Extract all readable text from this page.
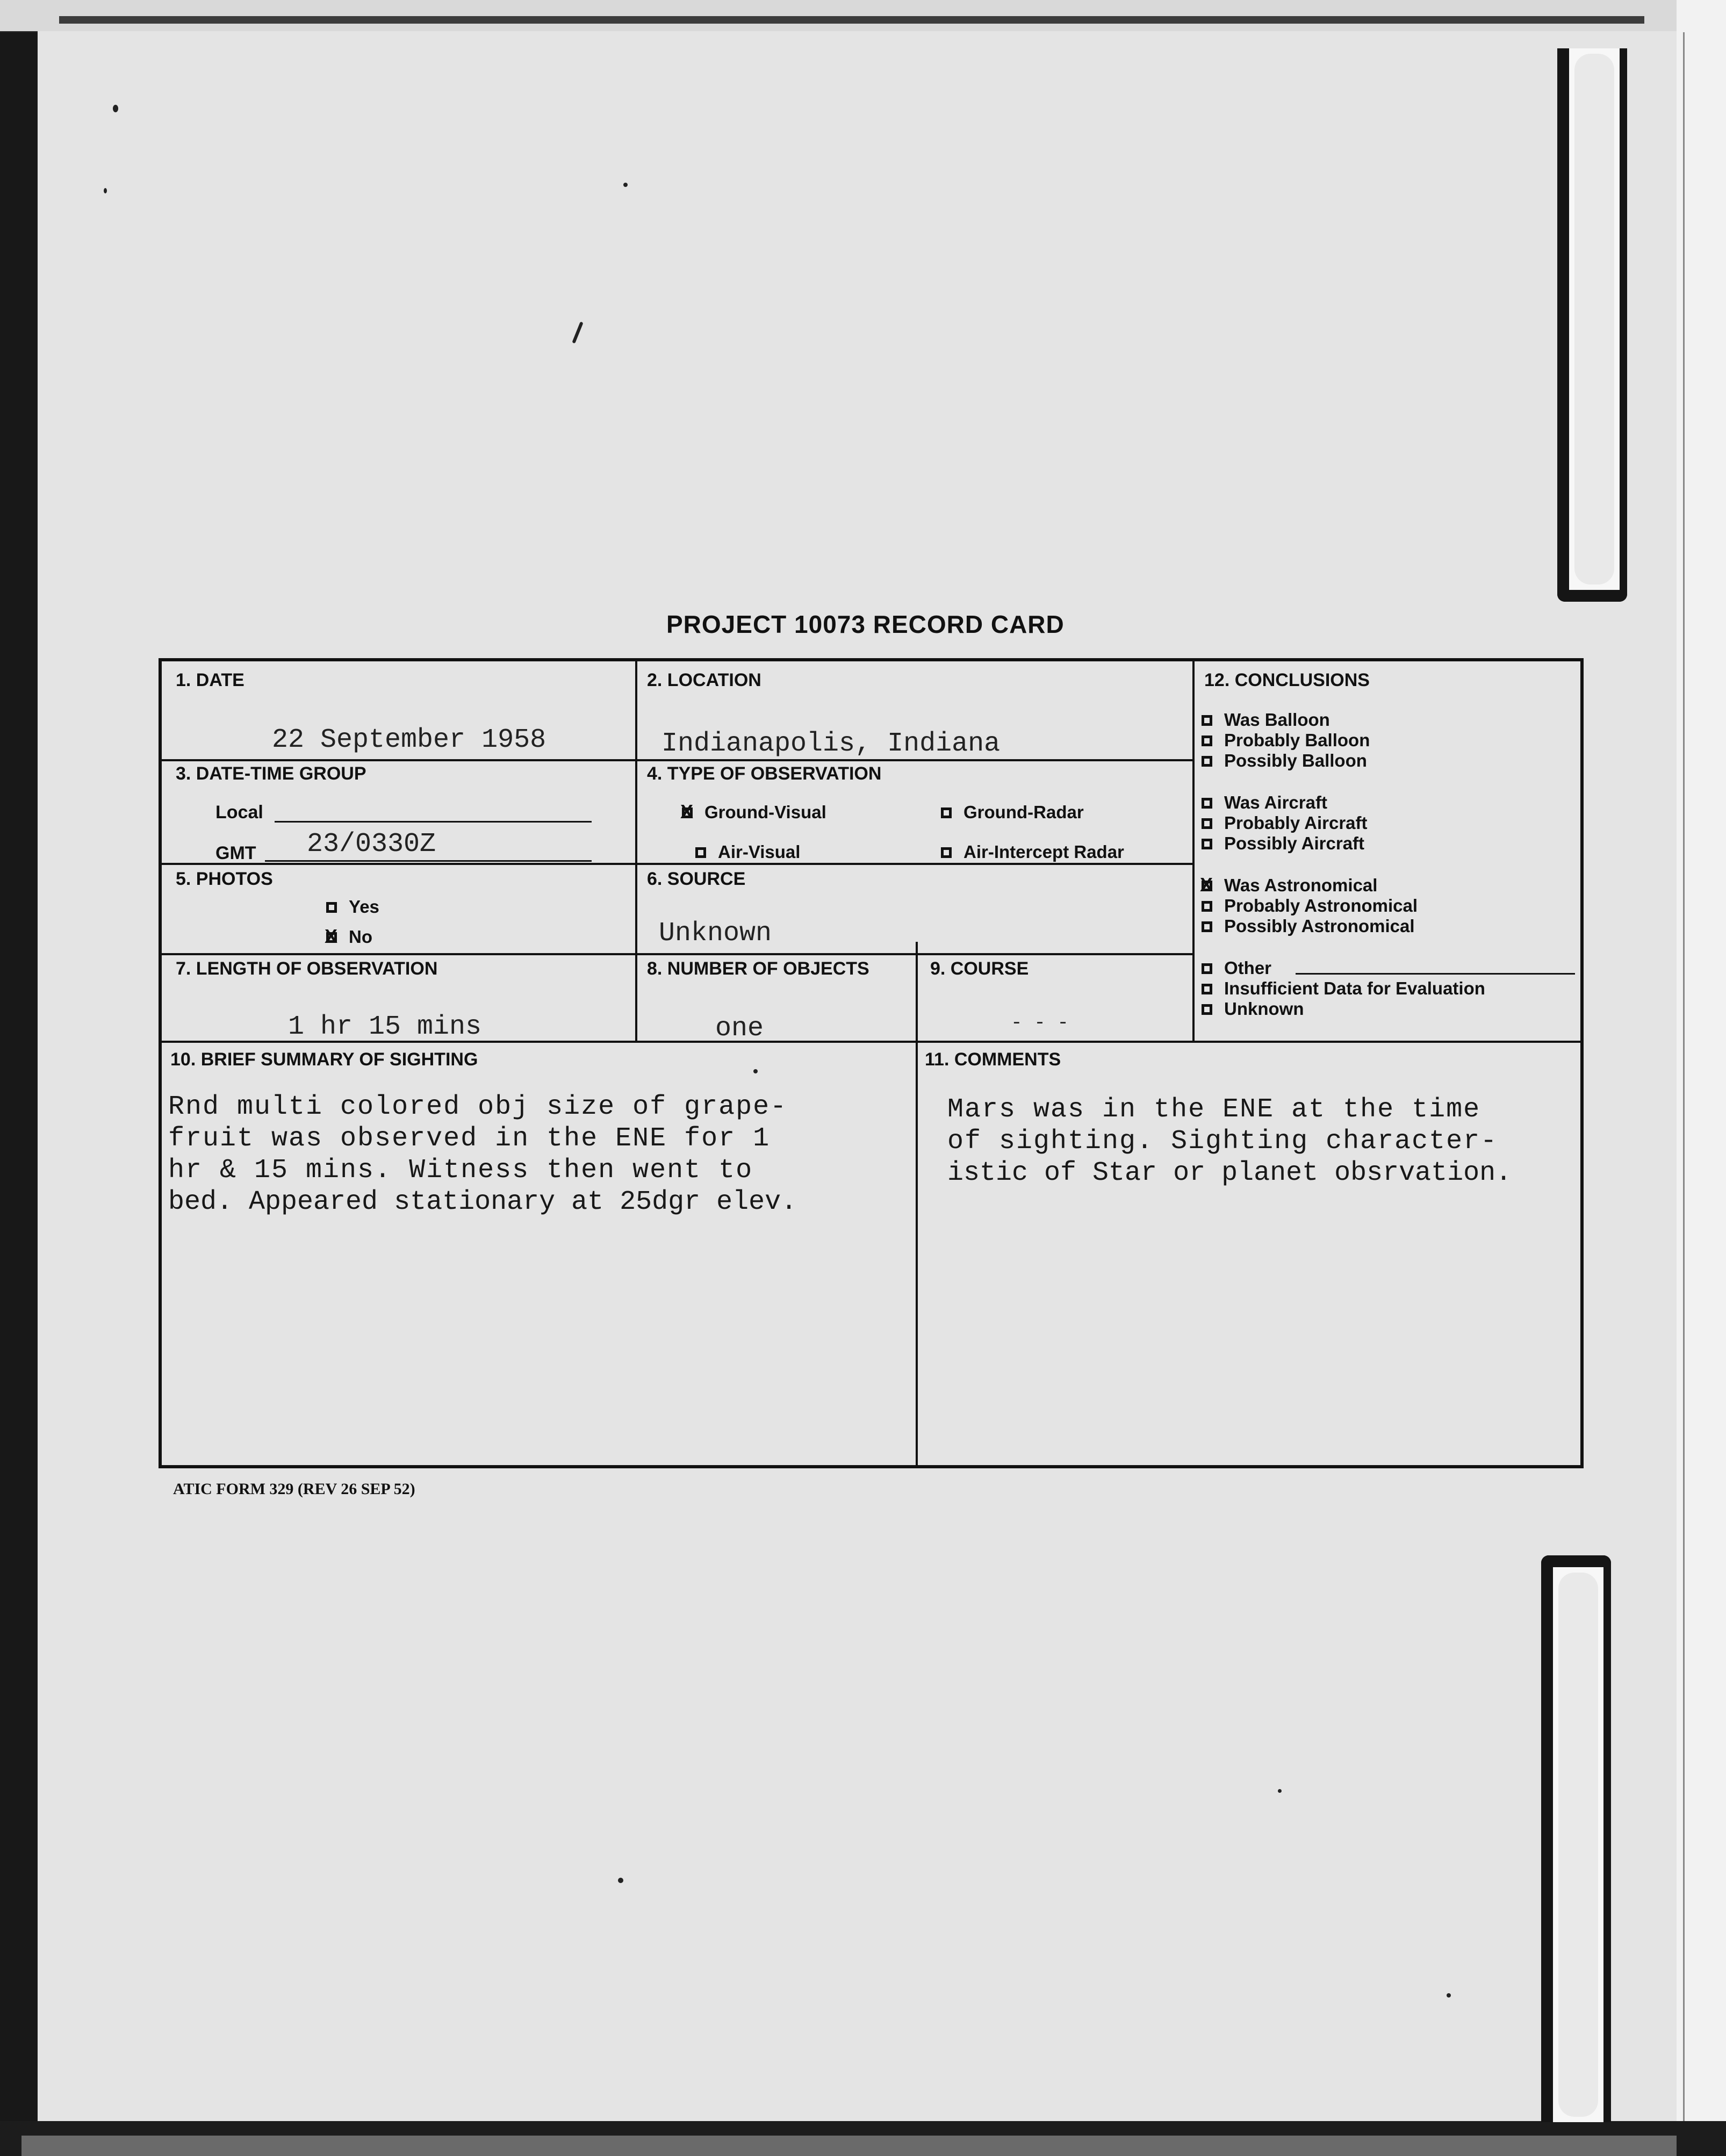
PROJECT 10073 RECORD CARD
1. DATE
22 September 1958
2. LOCATION
Indianapolis, Indiana
3. DATE-TIME GROUP
Local
GMT 23/0330Z
4. TYPE OF OBSERVATION
XGround-Visual	Ground-Radar
Air-Visual	Air-Intercept Radar
5. PHOTOS
Yes
XNo
6. SOURCE
Unknown
7. LENGTH OF OBSERVATION
1 hr 15 mins
8. NUMBER OF OBJECTS
one
9. COURSE
- - -
12. CONCLUSIONS
Was Balloon
Probably Balloon
Possibly Balloon
Was Aircraft
Probably Aircraft
Possibly Aircraft
XWas Astronomical
Probably Astronomical
Possibly Astronomical
Other
Insufficient Data for Evaluation
Unknown
10. BRIEF SUMMARY OF SIGHTING
Rnd multi colored obj size of grape-
fruit was observed in the ENE for 1
hr & 15 mins. Witness then went to
bed. Appeared stationary at 25dgr elev.
11. COMMENTS
Mars was in the ENE at the time
of sighting. Sighting character-
istic of Star or planet obsrvation.
ATIC FORM 329 (REV 26 SEP 52)
